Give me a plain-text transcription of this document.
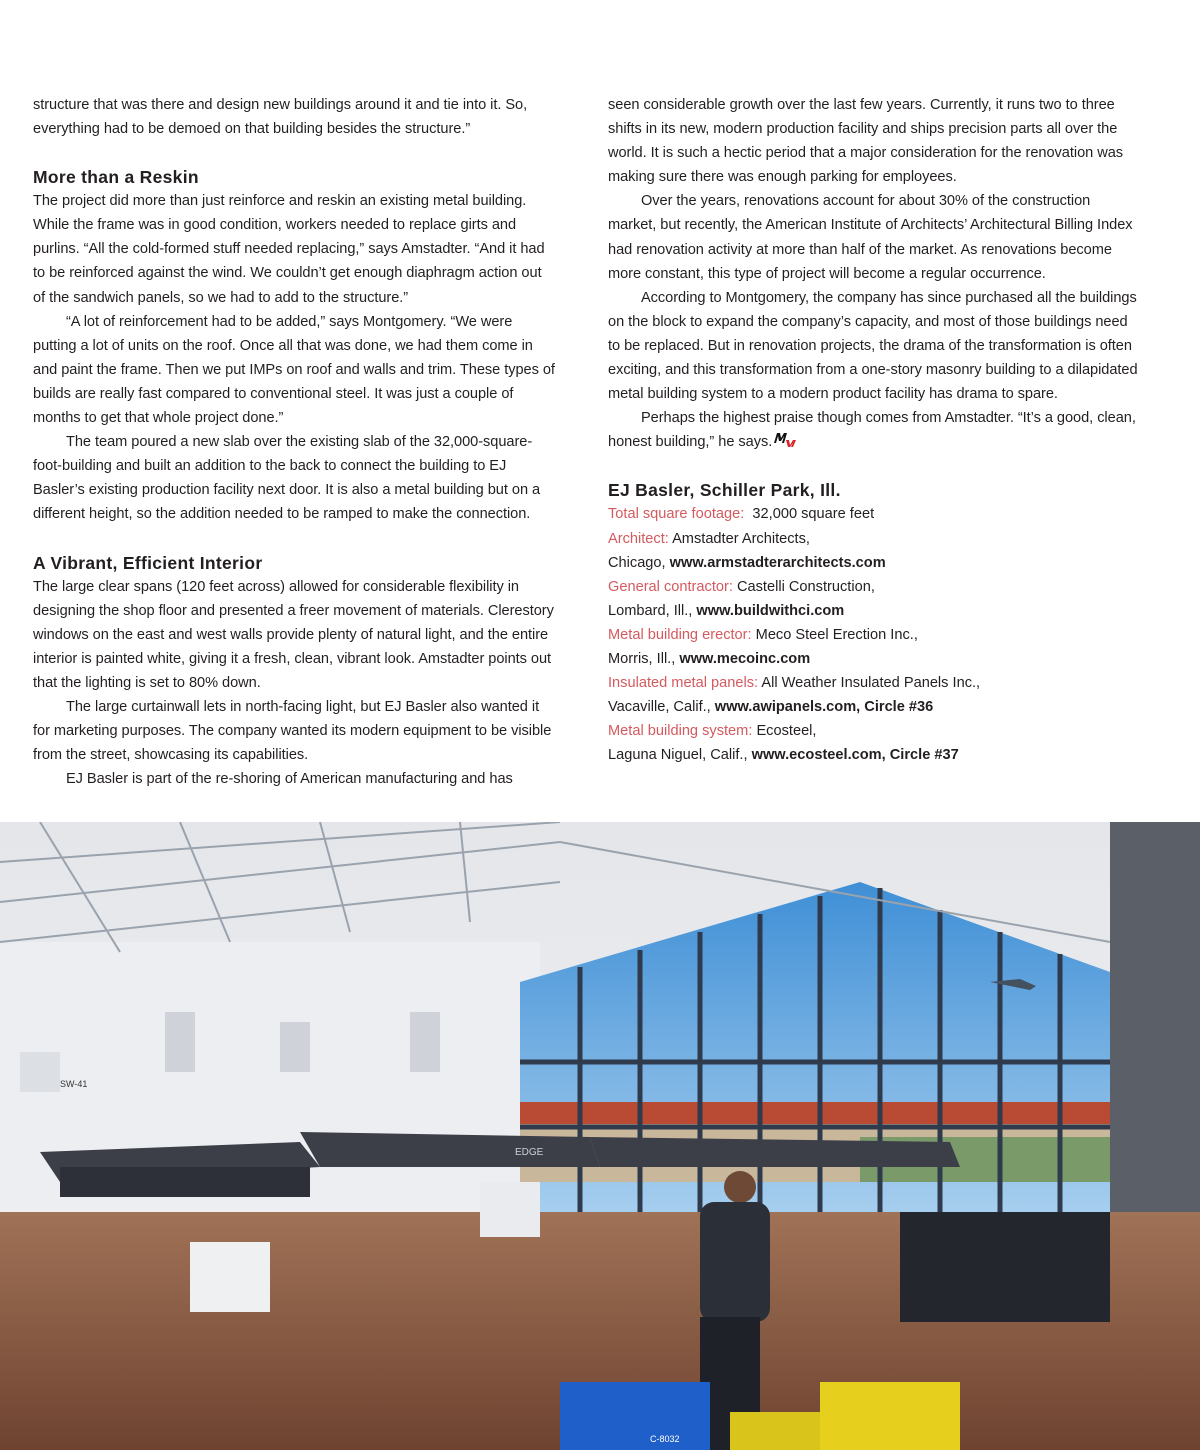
structure that was there and design new buildings around it and tie into it. So, everything had to be demoed on that building besides the structure.”

More than a Reskin

The project did more than just reinforce and reskin an existing metal building. While the frame was in good condition, workers needed to replace girts and purlins. “All the cold-formed stuff needed replacing,” says Amstadter. “And it had to be reinforced against the wind. We couldn’t get enough diaphragm action out of the sandwich panels, so we had to add to the structure.”

“A lot of reinforcement had to be added,” says Montgomery. “We were putting a lot of units on the roof. Once all that was done, we had them come in and paint the frame. Then we put IMPs on roof and walls and trim. These types of builds are really fast compared to conventional steel. It was just a couple of months to get that whole project done.”

The team poured a new slab over the existing slab of the 32,000-square-foot-building and built an addition to the back to connect the building to EJ Basler’s existing production facility next door. It is also a metal building but on a different height, so the addition needed to be ramped to make the connection.

A Vibrant, Efficient Interior

The large clear spans (120 feet across) allowed for considerable flexibility in designing the shop floor and presented a freer movement of materials. Clerestory windows on the east and west walls provide plenty of natural light, and the entire interior is painted white, giving it a fresh, clean, vibrant look. Amstadter points out that the lighting is set to 80% down.

The large curtainwall lets in north-facing light, but EJ Basler also wanted it for marketing purposes. The company wanted its modern equipment to be visible from the street, showcasing its capabilities.

EJ Basler is part of the re-shoring of American manufacturing and has

seen considerable growth over the last few years. Currently, it runs two to three shifts in its new, modern production facility and ships precision parts all over the world. It is such a hectic period that a major consideration for the renovation was making sure there was enough parking for employees.

Over the years, renovations account for about 30% of the construction market, but recently, the American Institute of Architects’ Architectural Billing Index had renovation activity at more than half of the market. As renovations become more constant, this type of project will become a regular occurrence.

According to Montgomery, the company has since purchased all the buildings on the block to expand the company’s capacity, and most of those buildings need to be replaced. But in renovation projects, the drama of the transformation is often exciting, and this transformation from a one-story masonry building to a dilapidated metal building system to a modern product facility has drama to spare.

Perhaps the highest praise though comes from Amstadter. “It’s a good, clean, honest building,” he says.

EJ Basler, Schiller Park, Ill.
Total square footage: 32,000 square feet
Architect: Amstadter Architects,
Chicago, www.armstadterarchitects.com
General contractor: Castelli Construction,
Lombard, Ill., www.buildwithci.com
Metal building erector: Meco Steel Erection Inc.,
Morris, Ill., www.mecoinc.com
Insulated metal panels: All Weather Insulated Panels Inc.,
Vacaville, Calif., www.awipanels.com, Circle #36
Metal building system: Ecosteel,
Laguna Niguel, Calif., www.ecosteel.com, Circle #37
EDGE
SW-41
C-8032
